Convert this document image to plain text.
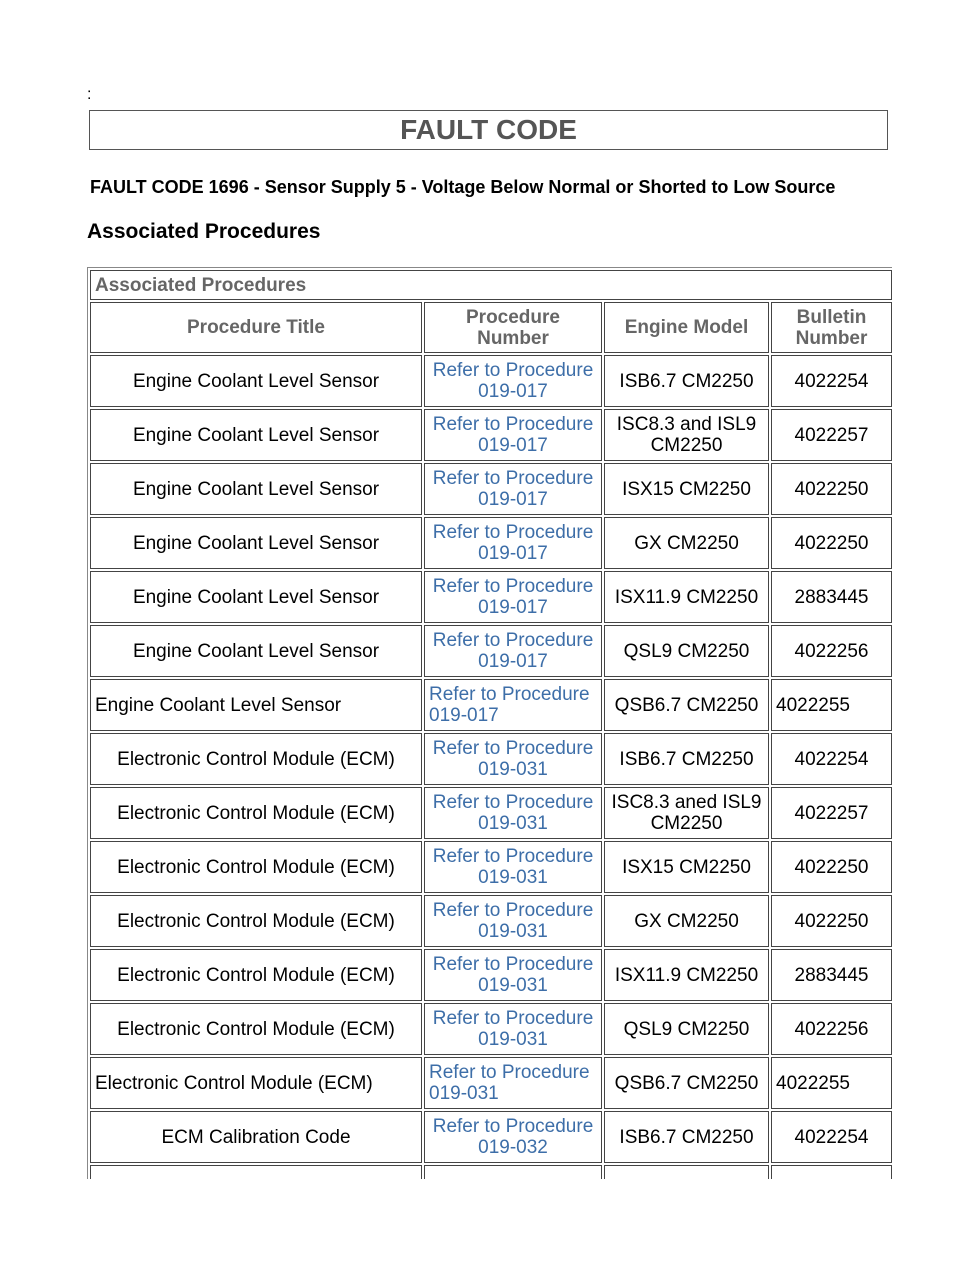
:
FAULT CODE
FAULT CODE 1696 - Sensor Supply 5 - Voltage Below Normal or Shorted to Low Source
Associated Procedures
Associated Procedures			
Procedure Title	Procedure Number	Engine Model	Bulletin Number
Engine Coolant Level Sensor	Refer to Procedure 019-017	ISB6.7 CM2250	4022254
Engine Coolant Level Sensor	Refer to Procedure 019-017	ISC8.3 and ISL9 CM2250	4022257
Engine Coolant Level Sensor	Refer to Procedure 019-017	ISX15 CM2250	4022250
Engine Coolant Level Sensor	Refer to Procedure 019-017	GX CM2250	4022250
Engine Coolant Level Sensor	Refer to Procedure 019-017	ISX11.9 CM2250	2883445
Engine Coolant Level Sensor	Refer to Procedure 019-017	QSL9 CM2250	4022256
Engine Coolant Level Sensor	Refer to Procedure 019-017	QSB6.7 CM2250	4022255
Electronic Control Module (ECM)	Refer to Procedure 019-031	ISB6.7 CM2250	4022254
Electronic Control Module (ECM)	Refer to Procedure 019-031	ISC8.3 aned ISL9 CM2250	4022257
Electronic Control Module (ECM)	Refer to Procedure 019-031	ISX15 CM2250	4022250
Electronic Control Module (ECM)	Refer to Procedure 019-031	GX CM2250	4022250
Electronic Control Module (ECM)	Refer to Procedure 019-031	ISX11.9 CM2250	2883445
Electronic Control Module (ECM)	Refer to Procedure 019-031	QSL9 CM2250	4022256
Electronic Control Module (ECM)	Refer to Procedure 019-031	QSB6.7 CM2250	4022255
ECM Calibration Code	Refer to Procedure 019-032	ISB6.7 CM2250	4022254
